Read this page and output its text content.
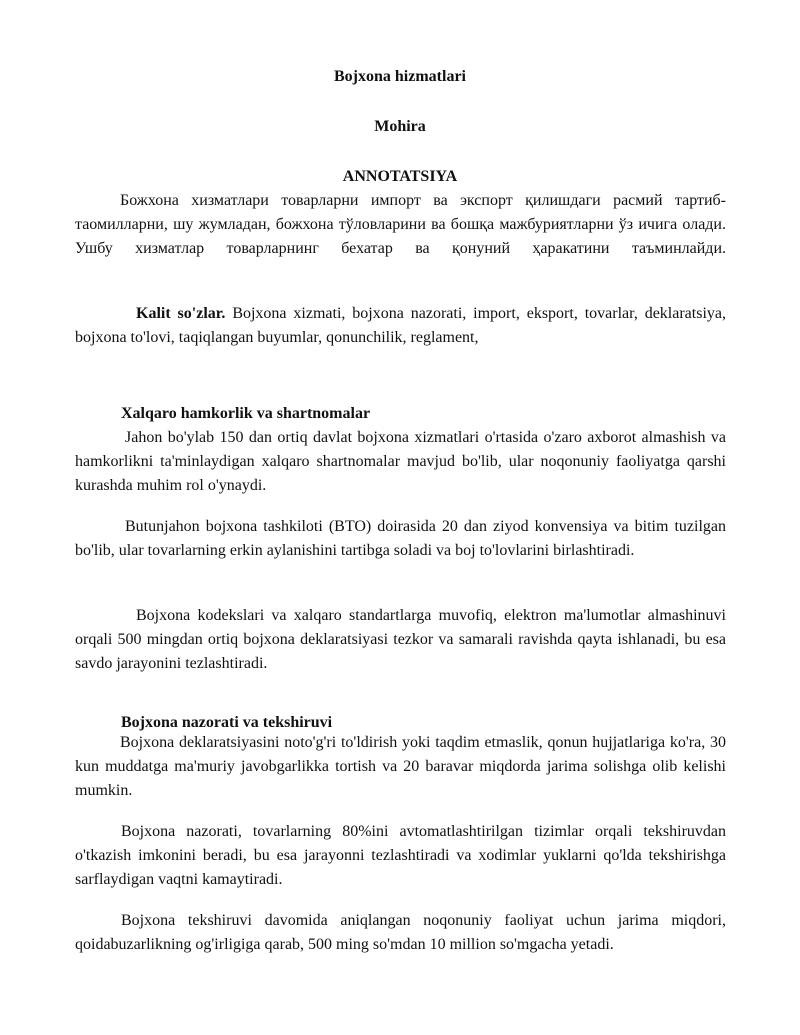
Bojxona hizmatlari
Mohira
ANNOTATSIYA
Божхона хизматлари товарларни импорт ва экспорт қилишдаги расмий тартиб-таомилларни, шу жумладан, божхона тўловларини ва бошқа мажбуриятларни ўз ичига олади. Ушбу хизматлар товарларнинг бехатар ва қонуний ҳаракатини таъминлайди.
Kalit so'zlar. Bojxona xizmati, bojxona nazorati, import, eksport, tovarlar, deklaratsiya, bojxona to'lovi, taqiqlangan buyumlar, qonunchilik, reglament,
Xalqaro hamkorlik va shartnomalar
Jahon bo'ylab 150 dan ortiq davlat bojxona xizmatlari o'rtasida o'zaro axborot almashish va hamkorlikni ta'minlaydigan xalqaro shartnomalar mavjud bo'lib, ular noqonuniy faoliyatga qarshi kurashda muhim rol o'ynaydi.
Butunjahon bojxona tashkiloti (BTO) doirasida 20 dan ziyod konvensiya va bitim tuzilgan bo'lib, ular tovarlarning erkin aylanishini tartibga soladi va boj to'lovlarini birlashtiradi.
Bojxona kodekslari va xalqaro standartlarga muvofiq, elektron ma'lumotlar almashinuvi orqali 500 mingdan ortiq bojxona deklaratsiyasi tezkor va samarali ravishda qayta ishlanadi, bu esa savdo jarayonini tezlashtiradi.
Bojxona nazorati va tekshiruvi
Bojxona deklaratsiyasini noto'g'ri to'ldirish yoki taqdim etmaslik, qonun hujjatlariga ko'ra, 30 kun muddatga ma'muriy javobgarlikka tortish va 20 baravar miqdorda jarima solishga olib kelishi mumkin.
Bojxona nazorati, tovarlarning 80%ini avtomatlashtirilgan tizimlar orqali tekshiruvdan o'tkazish imkonini beradi, bu esa jarayonni tezlashtiradi va xodimlar yuklarni qo'lda tekshirishga sarflaydigan vaqtni kamaytiradi.
Bojxona tekshiruvi davomida aniqlangan noqonuniy faoliyat uchun jarima miqdori, qoidabuzarlikning og'irligiga qarab, 500 ming so'mdan 10 million so'mgacha yetadi.
